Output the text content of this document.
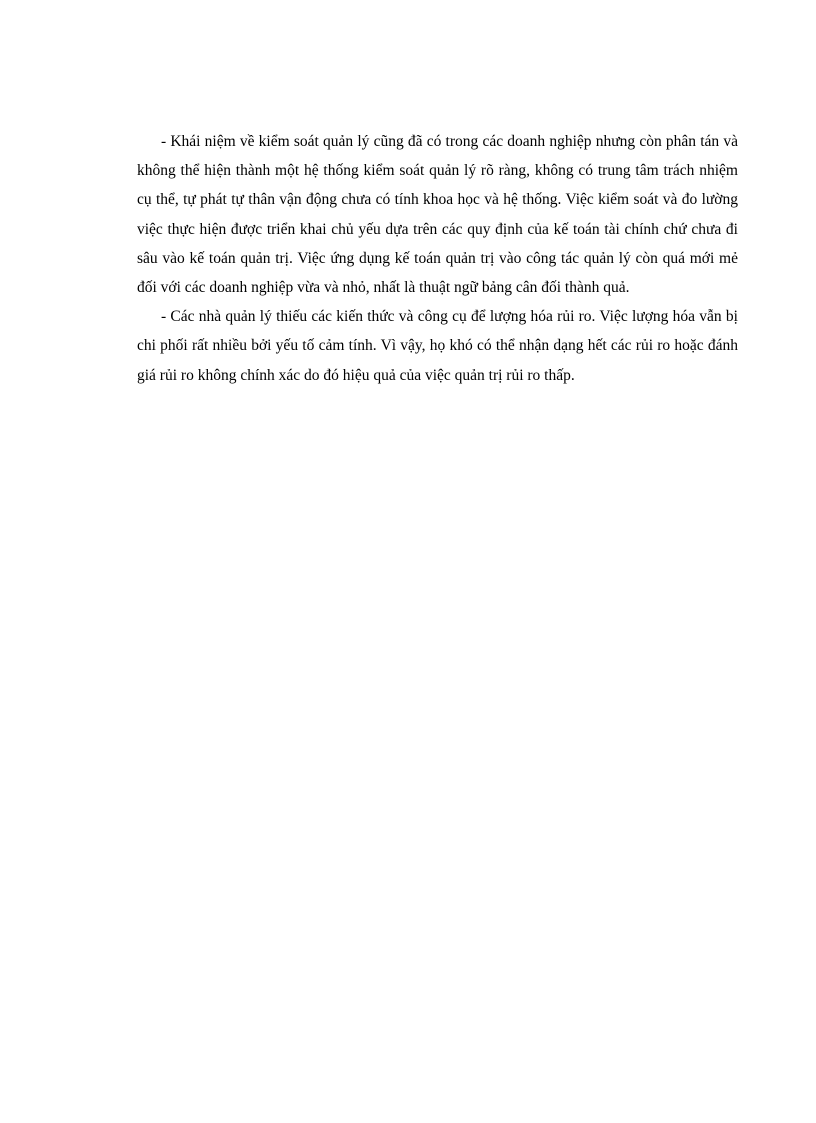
- Khái niệm về kiểm soát quản lý cũng đã có trong các doanh nghiệp nhưng còn phân tán và không thể hiện thành một hệ thống kiểm soát quản lý rõ ràng, không có trung tâm trách nhiệm cụ thể, tự phát tự thân vận động chưa có tính khoa học và hệ thống. Việc kiểm soát và đo lường việc thực hiện được triển khai chủ yếu dựa trên các quy định của kế toán tài chính chứ chưa đi sâu vào kế toán quản trị. Việc ứng dụng kế toán quản trị vào công tác quản lý còn quá mới mẻ đối với các doanh nghiệp vừa và nhỏ, nhất là thuật ngữ bảng cân đối thành quả.

- Các nhà quản lý thiếu các kiến thức và công cụ để lượng hóa rủi ro. Việc lượng hóa vẫn bị chi phối rất nhiều bởi yếu tố cảm tính. Vì vậy, họ khó có thể nhận dạng hết các rủi ro hoặc đánh giá rủi ro không chính xác do đó hiệu quả của việc quản trị rủi ro thấp.
